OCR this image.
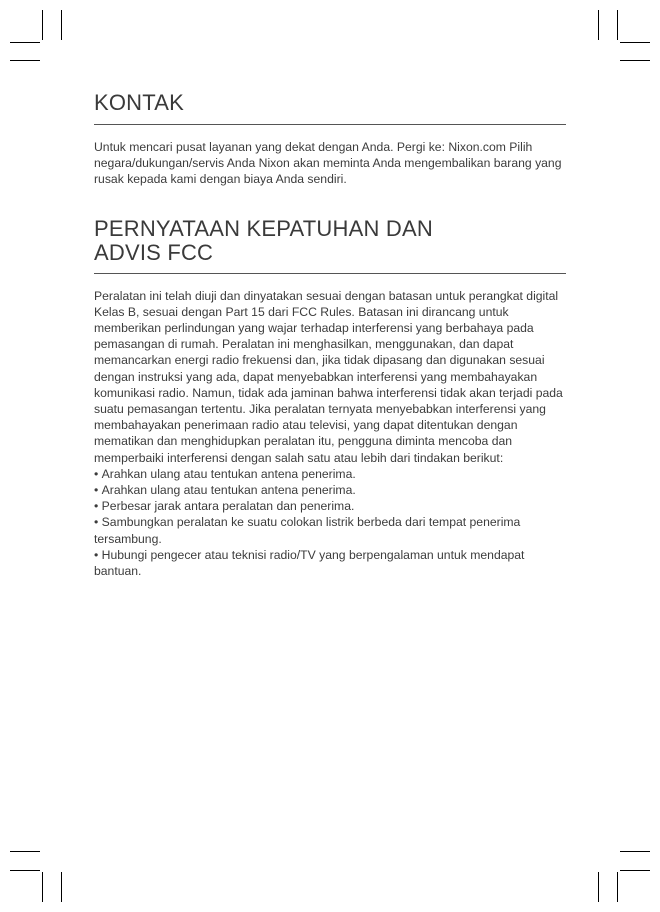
KONTAK

Untuk mencari pusat layanan yang dekat dengan Anda. Pergi ke: Nixon.com Pilih negara/dukungan/servis Anda Nixon akan meminta Anda mengembalikan barang yang rusak kepada kami dengan biaya Anda sendiri.

PERNYATAAN KEPATUHAN DAN
ADVIS FCC

Peralatan ini telah diuji dan dinyatakan sesuai dengan batasan untuk perangkat digital Kelas B, sesuai dengan Part 15 dari FCC Rules. Batasan ini dirancang untuk memberikan perlindungan yang wajar terhadap interferensi yang berbahaya pada pemasangan di rumah. Peralatan ini menghasilkan, menggunakan, dan dapat memancarkan energi radio frekuensi dan, jika tidak dipasang dan digunakan sesuai dengan instruksi yang ada, dapat menyebabkan interferensi yang membahayakan komunikasi radio. Namun, tidak ada jaminan bahwa interferensi tidak akan terjadi pada suatu pemasangan tertentu. Jika peralatan ternyata menyebabkan interferensi yang membahayakan penerimaan radio atau televisi, yang dapat ditentukan dengan mematikan dan menghidupkan peralatan itu, pengguna diminta mencoba dan memperbaiki interferensi dengan salah satu atau lebih dari tindakan berikut:

• Arahkan ulang atau tentukan antena penerima.
• Arahkan ulang atau tentukan antena penerima.
• Perbesar jarak antara peralatan dan penerima.
• Sambungkan peralatan ke suatu colokan listrik berbeda dari tempat penerima tersambung.
• Hubungi pengecer atau teknisi radio/TV yang berpengalaman untuk mendapat bantuan.
